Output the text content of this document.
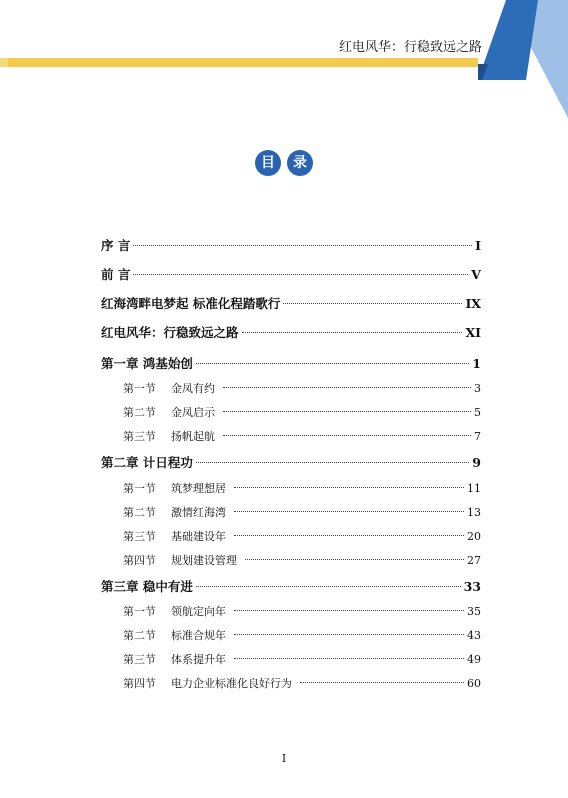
红电风华：行稳致远之路
目 录
序 言	I
前 言	V
红海湾畔电梦起 标准化程踏歌行	IX
红电风华：行稳致远之路	XI
第一章 鸿基始创	1
第一节 金凤有约	3
第二节 金凤启示	5
第三节 扬帆起航	7
第二章 计日程功	9
第一节 筑梦理想居	11
第二节 激情红海湾	13
第三节 基础建设年	20
第四节 规划建设管理	27
第三章 稳中有进	33
第一节 领航定向年	35
第二节 标准合规年	43
第三节 体系提升年	49
第四节 电力企业标准化良好行为	60
I
